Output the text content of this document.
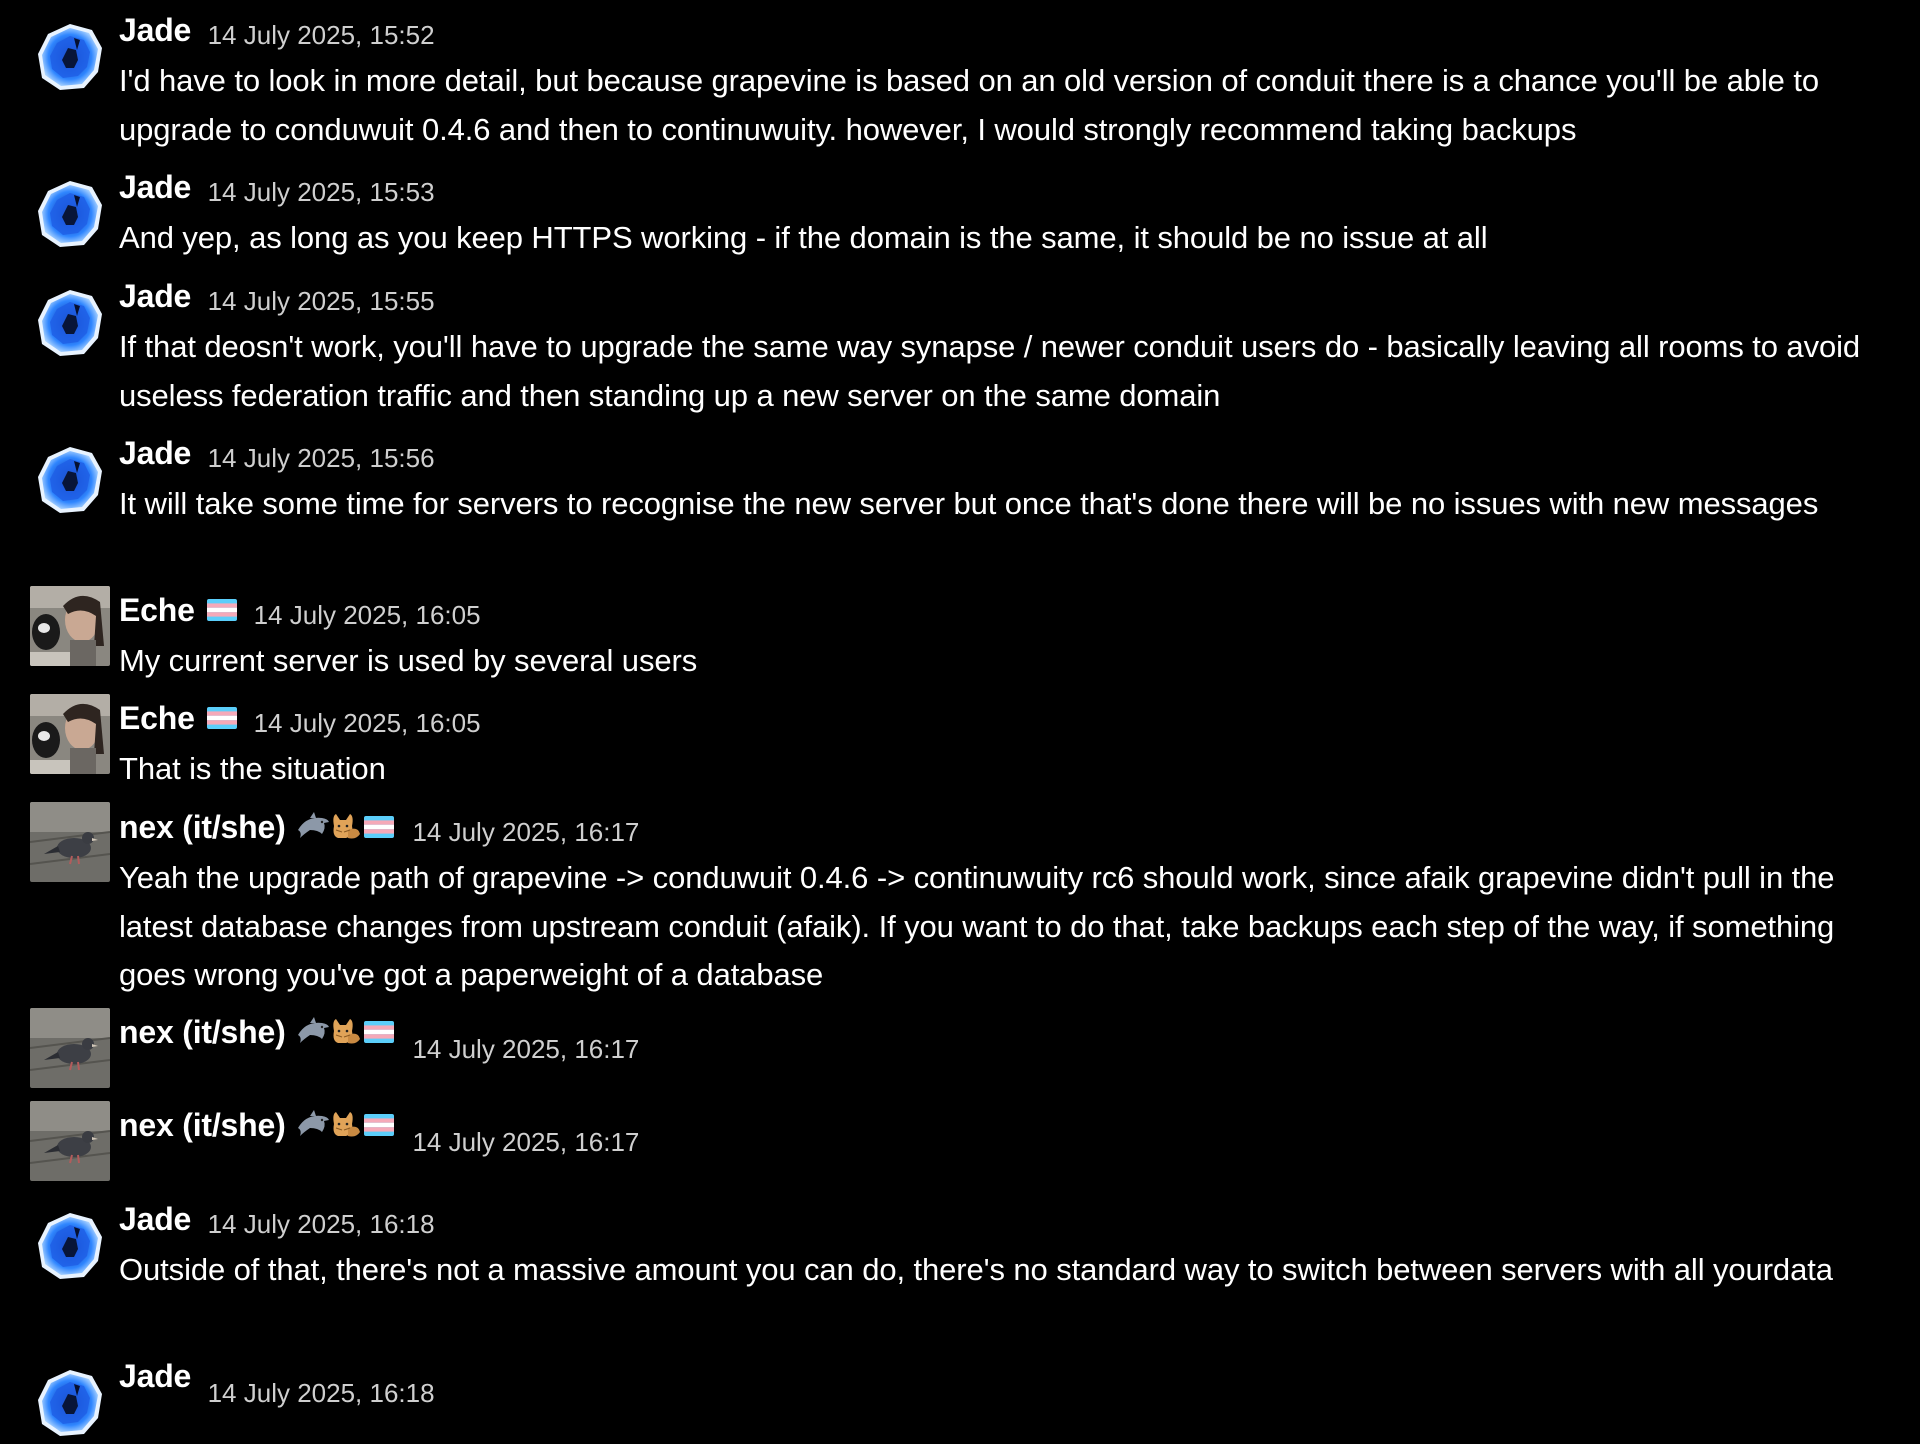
Jade 14 July 2025, 15:52
I'd have to look in more detail, but because grapevine is based on an old version of conduit there is a chance you'll be able to upgrade to conduwuit 0.4.6 and then to continuwuity. however, I would strongly recommend taking backups
Jade 14 July 2025, 15:53
And yep, as long as you keep HTTPS working - if the domain is the same, it should be no issue at all
Jade 14 July 2025, 15:55
If that deosn't work, you'll have to upgrade the same way synapse / newer conduit users do - basically leaving all rooms to avoid useless federation traffic and then standing up a new server on the same domain
Jade 14 July 2025, 15:56
It will take some time for servers to recognise the new server but once that's done there will be no issues with new messages
Eche 14 July 2025, 16:05
My current server is used by several users
Eche 14 July 2025, 16:05
That is the situation
nex (it/she)	14 July 2025, 16:17
Yeah the upgrade path of grapevine -> conduwuit 0.4.6 -> continuwuity rc6 should work, since afaik grapevine didn't pull in the latest database changes from upstream conduit (afaik). If you want to do that, take backups each step of the way, if something goes wrong you've got a paperweight of a database
nex (it/she)	14 July 2025, 16:17
nex (it/she)	14 July 2025, 16:17
Jade 14 July 2025, 16:18
Outside of that, there's not a massive amount you can do, there's no standard way to switch between servers with all yourdata
Jade 14 July 2025, 16:18
